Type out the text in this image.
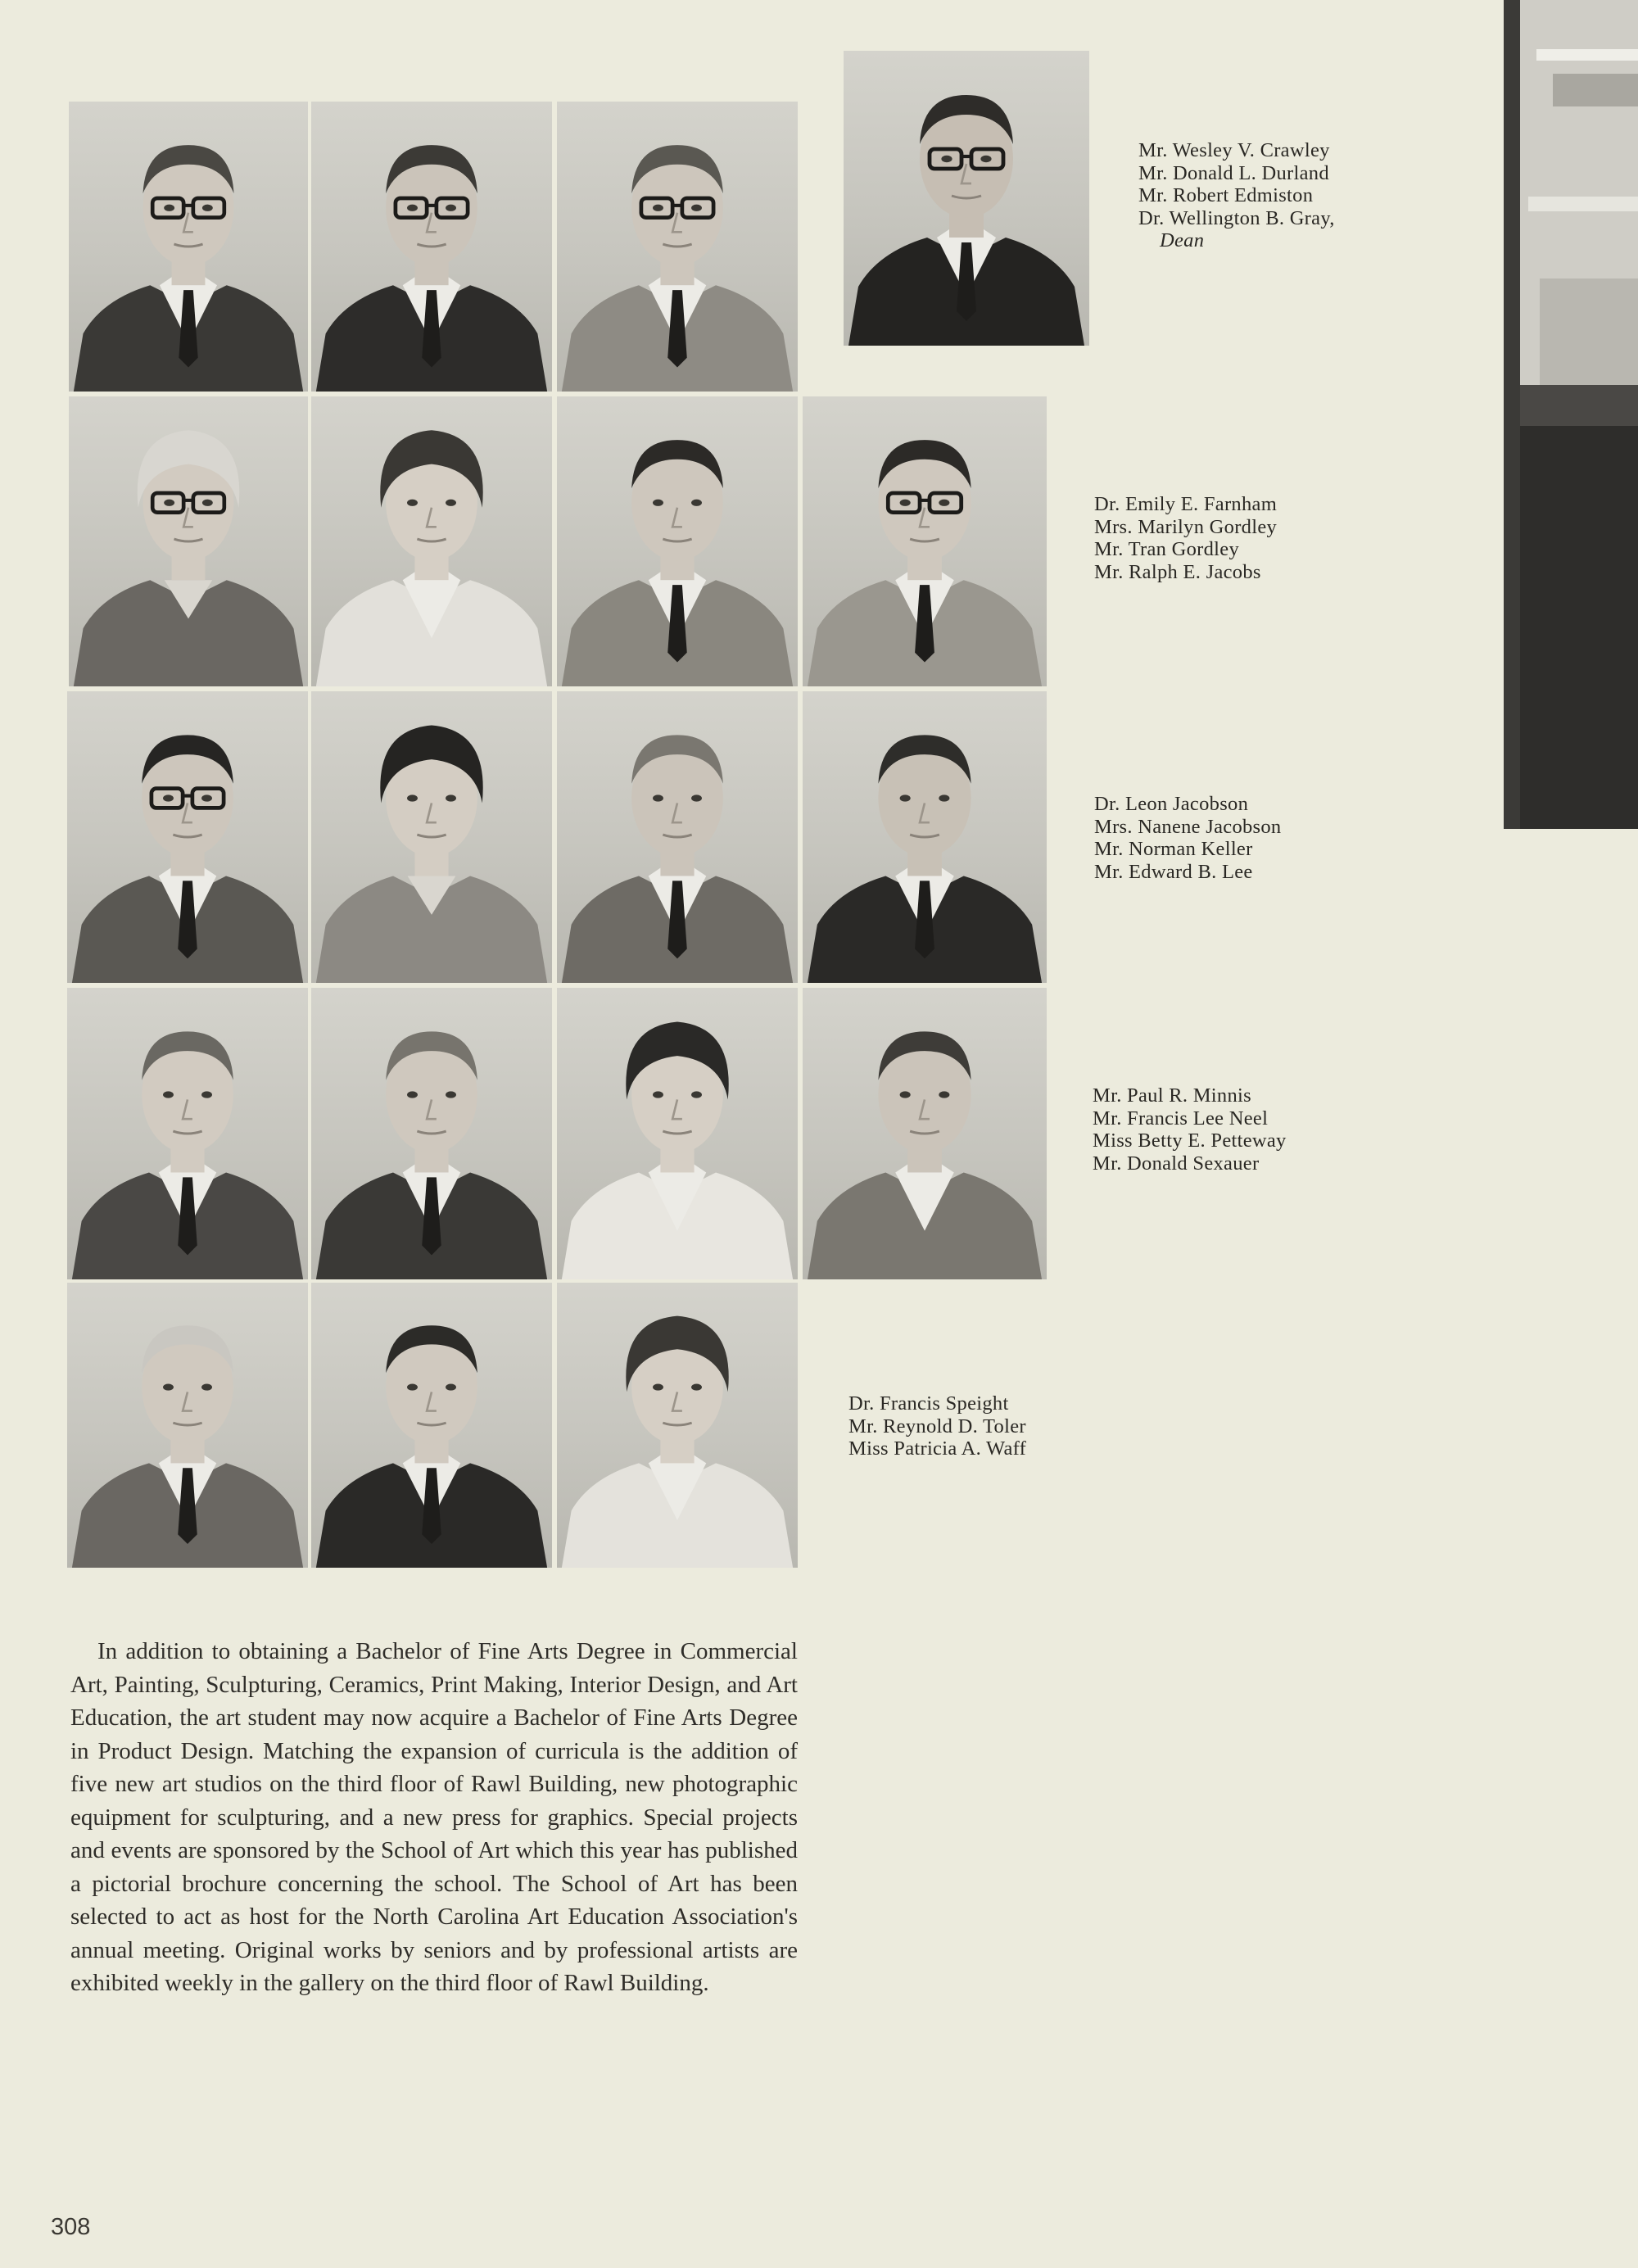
Mr. Wesley V. Crawley
Mr. Donald L. Durland
Mr. Robert Edmiston
Dr. Wellington B. Gray,
Dean
Dr. Emily E. Farnham
Mrs. Marilyn Gordley
Mr. Tran Gordley
Mr. Ralph E. Jacobs
Dr. Leon Jacobson
Mrs. Nanene Jacobson
Mr. Norman Keller
Mr. Edward B. Lee
Mr. Paul R. Minnis
Mr. Francis Lee Neel
Miss Betty E. Petteway
Mr. Donald Sexauer
Dr. Francis Speight
Mr. Reynold D. Toler
Miss Patricia A. Waff

In addition to obtaining a Bachelor of Fine Arts Degree in Commercial Art, Painting, Sculpturing, Ceramics, Print Making, Interior Design, and Art Education, the art student may now acquire a Bachelor of Fine Arts Degree in Product Design. Matching the expansion of curricula is the addition of five new art studios on the third floor of Rawl Building, new photographic equipment for sculpturing, and a new press for graphics. Special projects and events are sponsored by the School of Art which this year has published a pictorial brochure concerning the school. The School of Art has been selected to act as host for the North Carolina Art Education Association's annual meeting. Original works by seniors and by professional artists are exhibited weekly in the gallery on the third floor of Rawl Building.

308
